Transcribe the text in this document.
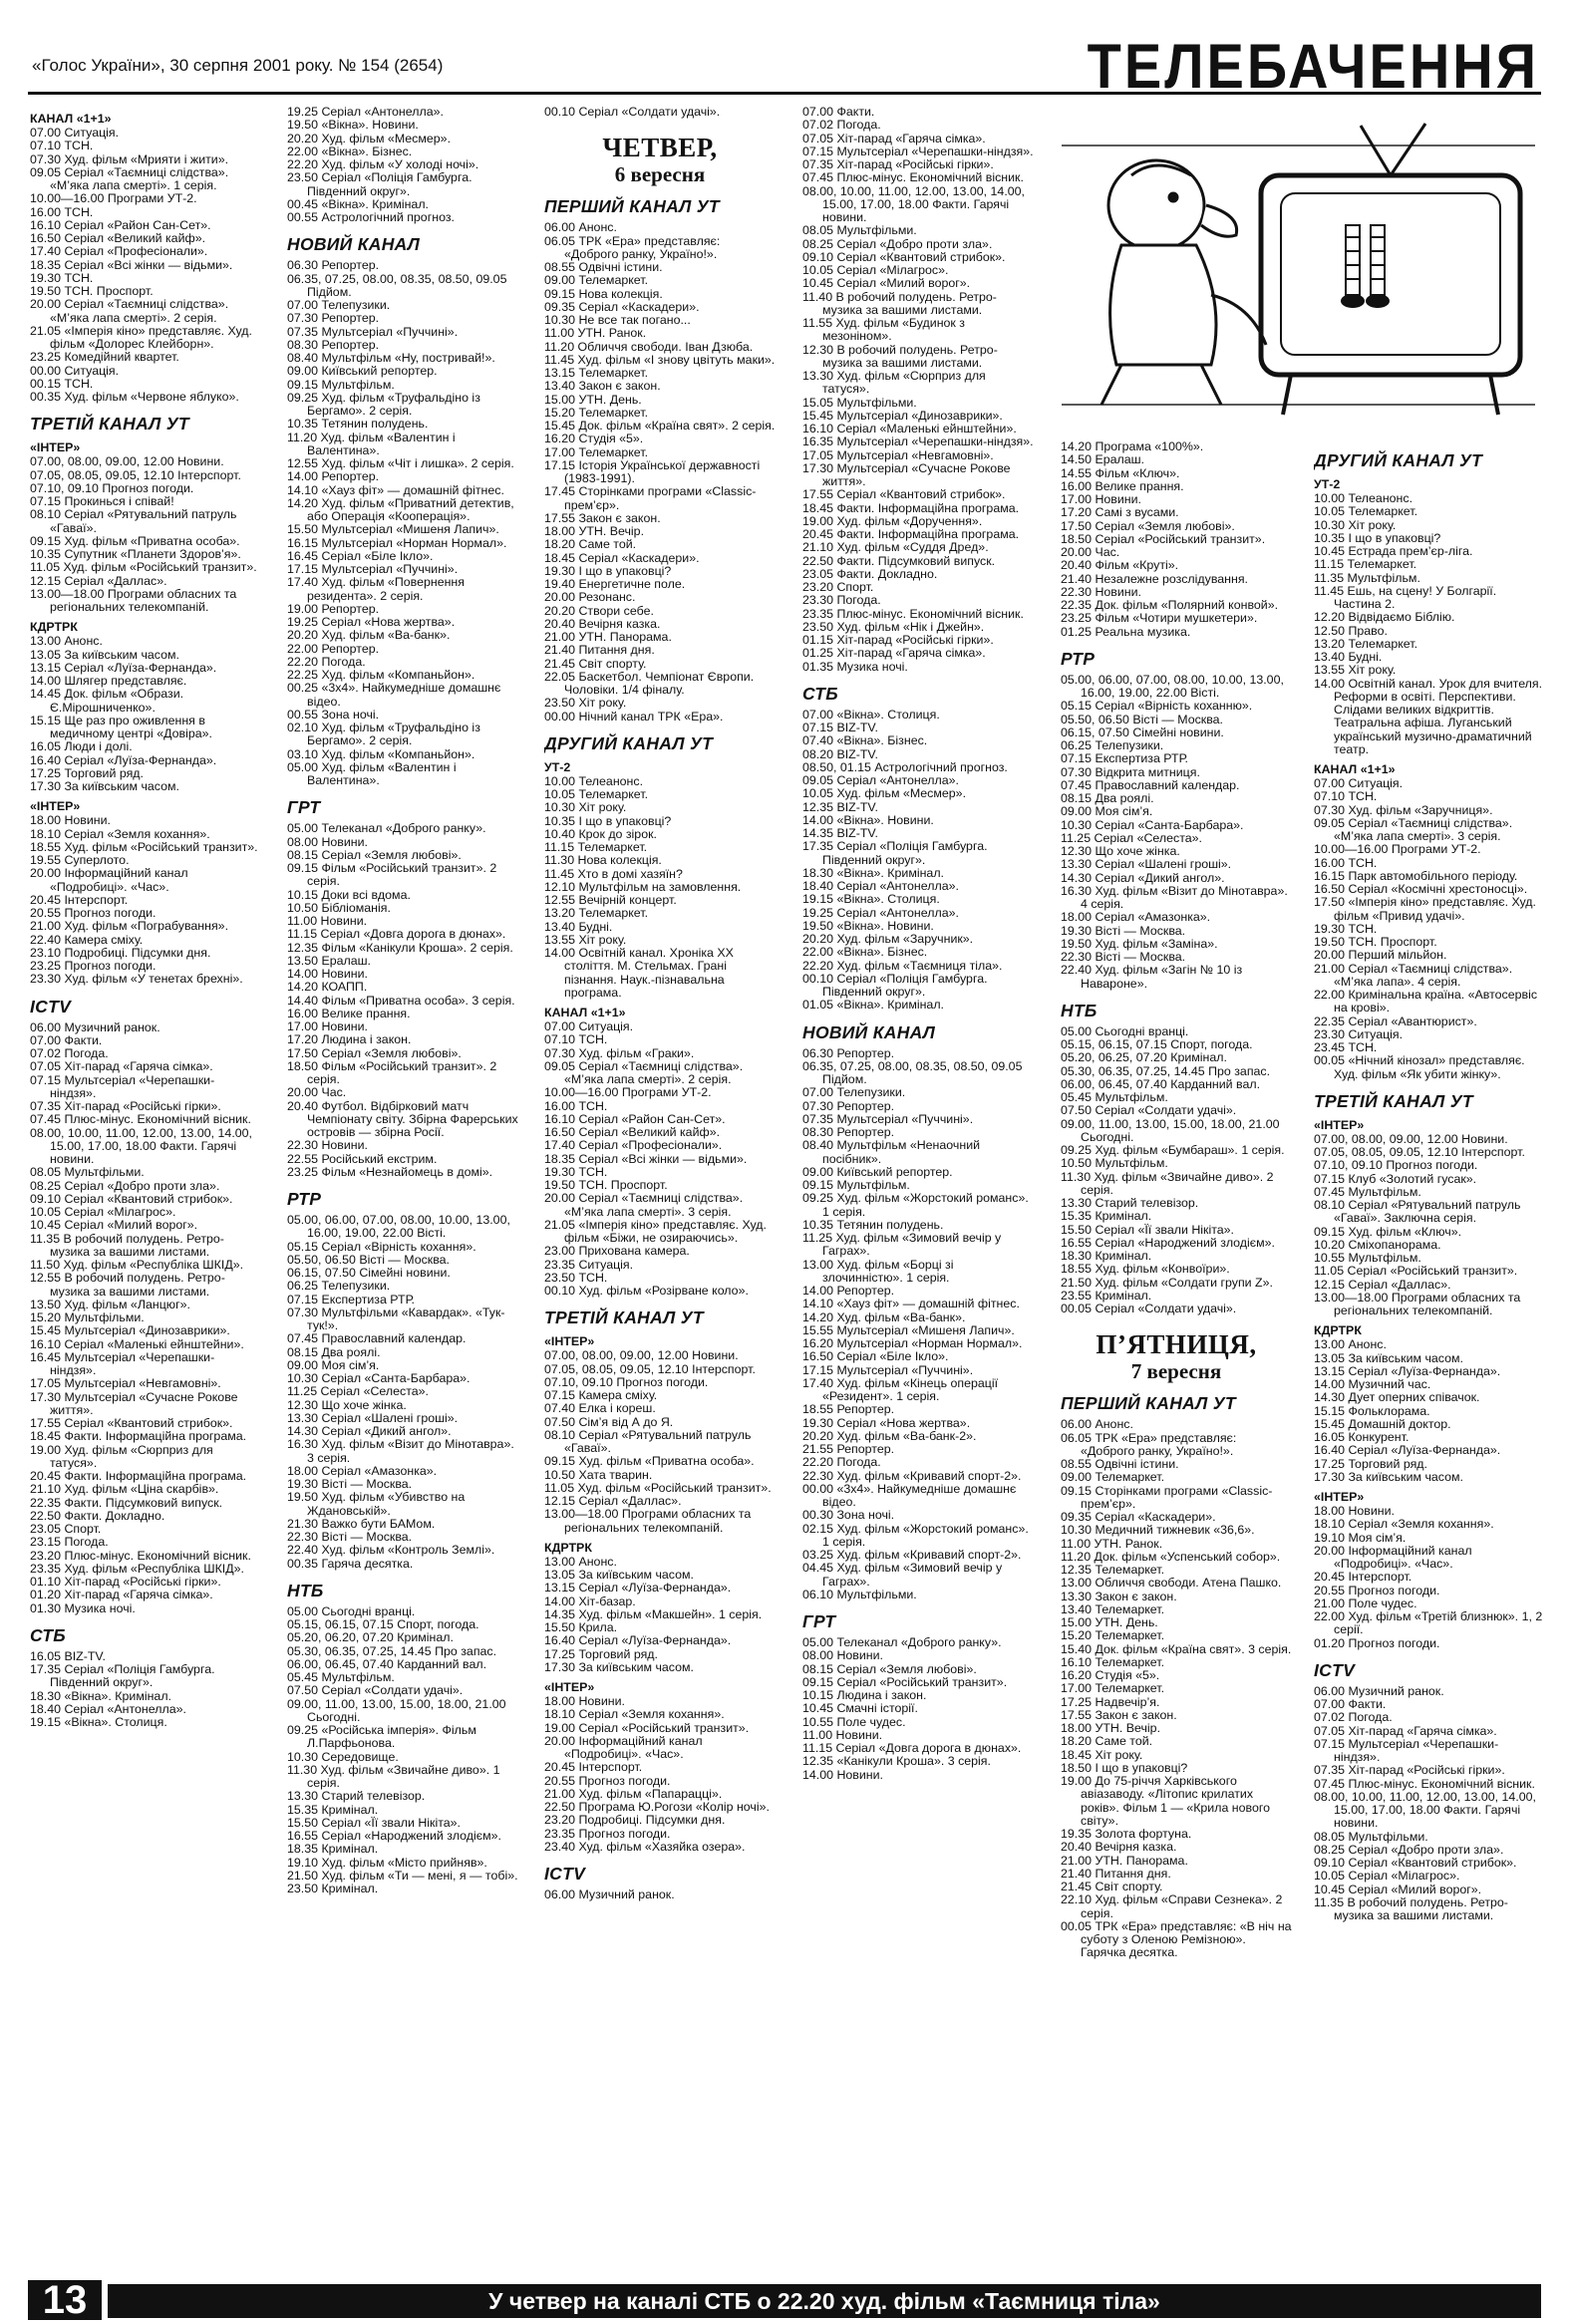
«Голос України», 30 серпня 2001 року. № 154 (2654)	ТЕЛЕБАЧЕННЯ
КАНАЛ «1+1»
07.00 Ситуація.
07.10 ТСН.
07.30 Худ. фільм «Мрияти і жити».
09.05 Серіал «Таємниці слідства». «М’яка лапа смерті». 1 серія.
10.00—16.00 Програми УТ-2.
16.00 ТСН.
16.10 Серіал «Район Сан-Сет».
16.50 Серіал «Великий кайф».
17.40 Серіал «Професіонали».
18.35 Серіал «Всі жінки — відьми».
19.30 ТСН.
19.50 ТСН. Проспорт.
20.00 Серіал «Таємниці слідства». «М’яка лапа смерті». 2 серія.
21.05 «Імперія кіно» представляє. Худ. фільм «Долорес Клейборн».
23.25 Комедійний квартет.
00.00 Ситуація.
00.15 ТСН.
00.35 Худ. фільм «Червоне яблуко».
ТРЕТІЙ КАНАЛ УТ
«ІНТЕР»
07.00, 08.00, 09.00, 12.00 Новини.
07.05, 08.05, 09.05, 12.10 Інтерспорт.
07.10, 09.10 Прогноз погоди.
07.15 Прокинься і співай!
08.10 Серіал «Рятувальний патруль «Гаваї».
09.15 Худ. фільм «Приватна особа».
10.35 Супутник «Планети Здоров’я».
11.05 Худ. фільм «Російський транзит».
12.15 Серіал «Даллас».
13.00—18.00 Програми обласних та регіональних телекомпаній.
КДРТРК
13.00 Анонс.
13.05 За київським часом.
13.15 Серіал «Луїза-Фернанда».
14.00 Шлягер представляє.
14.45 Док. фільм «Образи. Є.Мірошниченко».
15.15 Ще раз про оживлення в медичному центрі «Довіра».
16.05 Люди і долі.
16.40 Серіал «Луїза-Фернанда».
17.25 Торговий ряд.
17.30 За київським часом.
«ІНТЕР»
18.00 Новини.
18.10 Серіал «Земля кохання».
18.55 Худ. фільм «Російський транзит».
19.55 Суперлото.
20.00 Інформаційний канал «Подробиці». «Час».
20.45 Інтерспорт.
20.55 Прогноз погоди.
21.00 Худ. фільм «Пограбування».
22.40 Камера сміху.
23.10 Подробиці. Підсумки дня.
23.25 Прогноз погоди.
23.30 Худ. фільм «У тенетах брехні».
ICTV
06.00 Музичний ранок.
07.00 Факти.
07.02 Погода.
07.05 Хіт-парад «Гаряча сімка».
07.15 Мультсеріал «Черепашки-ніндзя».
07.35 Хіт-парад «Російські гірки».
07.45 Плюс-мінус. Економічний вісник.
08.00, 10.00, 11.00, 12.00, 13.00, 14.00, 15.00, 17.00, 18.00 Факти. Гарячі новини.
08.05 Мультфільми.
08.25 Серіал «Добро проти зла».
09.10 Серіал «Квантовий стрибок».
10.05 Серіал «Мілагрос».
10.45 Серіал «Милий ворог».
11.35 В робочий полудень. Ретро-музика за вашими листами.
11.50 Худ. фільм «Республіка ШКІД».
12.55 В робочий полудень. Ретро-музика за вашими листами.
13.50 Худ. фільм «Ланцюг».
15.20 Мультфільми.
15.45 Мультсеріал «Динозаврики».
16.10 Серіал «Маленькі ейнштейни».
16.45 Мультсеріал «Черепашки-ніндзя».
17.05 Мультсеріал «Невгамовні».
17.30 Мультсеріал «Сучасне Рокове життя».
17.55 Серіал «Квантовий стрибок».
18.45 Факти. Інформаційна програма.
19.00 Худ. фільм «Сюрприз для татуся».
20.45 Факти. Інформаційна програма.
21.10 Худ. фільм «Ціна скарбів».
22.35 Факти. Підсумковий випуск.
22.50 Факти. Докладно.
23.05 Спорт.
23.15 Погода.
23.20 Плюс-мінус. Економічний вісник.
23.35 Худ. фільм «Республіка ШКІД».
01.10 Хіт-парад «Російські гірки».
01.20 Хіт-парад «Гаряча сімка».
01.30 Музика ночі.
СТБ
16.05 BIZ-TV.
17.35 Серіал «Поліція Гамбурга. Південний округ».
18.30 «Вікна». Кримінал.
18.40 Серіал «Антонелла».
19.15 «Вікна». Столиця.
19.25 Серіал «Антонелла».
19.50 «Вікна». Новини.
20.20 Худ. фільм «Месмер».
22.00 «Вікна». Бізнес.
22.20 Худ. фільм «У холоді ночі».
23.50 Серіал «Поліція Гамбурга. Південний округ».
00.45 «Вікна». Кримінал.
00.55 Астрологічний прогноз.
НОВИЙ КАНАЛ
06.30 Репортер.
06.35, 07.25, 08.00, 08.35, 08.50, 09.05 Підйом.
07.00 Телепузики.
07.30 Репортер.
07.35 Мультсеріал «Пуччині».
08.30 Репортер.
08.40 Мультфільм «Ну, постривай!».
09.00 Київський репортер.
09.15 Мультфільм.
09.25 Худ. фільм «Труфальдіно із Бергамо». 2 серія.
10.35 Тетянин полудень.
11.20 Худ. фільм «Валентин і Валентина».
12.55 Худ. фільм «Чіт і лишка». 2 серія.
14.00 Репортер.
14.10 «Хауз фіт» — домашній фітнес.
14.20 Худ. фільм «Приватний детектив, або Операція «Кооперація».
15.50 Мультсеріал «Мишеня Лапич».
16.15 Мультсеріал «Норман Нормал».
16.45 Серіал «Біле Ікло».
17.15 Мультсеріал «Пуччині».
17.40 Худ. фільм «Повернення резидента». 2 серія.
19.00 Репортер.
19.25 Серіал «Нова жертва».
20.20 Худ. фільм «Ва-банк».
22.00 Репортер.
22.20 Погода.
22.25 Худ. фільм «Компаньйон».
00.25 «3х4». Найкумедніше домашнє відео.
00.55 Зона ночі.
02.10 Худ. фільм «Труфальдіно із Бергамо». 2 серія.
03.10 Худ. фільм «Компаньйон».
05.00 Худ. фільм «Валентин і Валентина».
ГРТ
05.00 Телеканал «Доброго ранку».
08.00 Новини.
08.15 Серіал «Земля любові».
09.15 Фільм «Російський транзит». 2 серія.
10.15 Доки всі вдома.
10.50 Бібліоманія.
11.00 Новини.
11.15 Серіал «Довга дорога в дюнах».
12.35 Фільм «Канікули Кроша». 2 серія.
13.50 Ералаш.
14.00 Новини.
14.20 КОАПП.
14.40 Фільм «Приватна особа». 3 серія.
16.00 Велике прання.
17.00 Новини.
17.20 Людина і закон.
17.50 Серіал «Земля любові».
18.50 Фільм «Російський транзит». 2 серія.
20.00 Час.
20.40 Футбол. Відбірковий матч Чемпіонату світу. Збірна Фарерських островів — збірна Росії.
22.30 Новини.
22.55 Російський екстрим.
23.25 Фільм «Незнайомець в домі».
РТР
05.00, 06.00, 07.00, 08.00, 10.00, 13.00, 16.00, 19.00, 22.00 Вісті.
05.15 Серіал «Вірність кохання».
05.50, 06.50 Вісті — Москва.
06.15, 07.50 Сімейні новини.
06.25 Телепузики.
07.15 Експертиза РТР.
07.30 Мультфільми «Кавардак». «Тук-тук!».
07.45 Православний календар.
08.15 Два роялі.
09.00 Моя сім’я.
10.30 Серіал «Санта-Барбара».
11.25 Серіал «Селеста».
12.30 Що хоче жінка.
13.30 Серіал «Шалені гроші».
14.30 Серіал «Дикий ангол».
16.30 Худ. фільм «Візит до Мінотавра». 3 серія.
18.00 Серіал «Амазонка».
19.30 Вісті — Москва.
19.50 Худ. фільм «Убивство на Ждановській».
21.30 Важко бути БАМом.
22.30 Вісті — Москва.
22.40 Худ. фільм «Контроль Землі».
00.35 Гаряча десятка.
НТБ
05.00 Сьогодні вранці.
05.15, 06.15, 07.15 Спорт, погода.
05.20, 06.20, 07.20 Кримінал.
05.30, 06.35, 07.25, 14.45 Про запас.
06.00, 06.45, 07.40 Карданний вал.
05.45 Мультфільм.
07.50 Серіал «Солдати удачі».
09.00, 11.00, 13.00, 15.00, 18.00, 21.00 Сьогодні.
09.25 «Російська імперія». Фільм Л.Парфьонова.
10.30 Середовище.
11.30 Худ. фільм «Звичайне диво». 1 серія.
13.30 Старий телевізор.
15.35 Кримінал.
15.50 Серіал «Її звали Нікіта».
16.55 Серіал «Народжений злодієм».
18.35 Кримінал.
19.10 Худ. фільм «Місто прийняв».
21.50 Худ. фільм «Ти — мені, я — тобі».
23.50 Кримінал.
00.10 Серіал «Солдати удачі».
ЧЕТВЕР,
6 вересня
ПЕРШИЙ КАНАЛ УТ
06.00 Анонс.
06.05 ТРК «Ера» представляє: «Доброго ранку, Україно!».
08.55 Одвічні істини.
09.00 Телемаркет.
09.15 Нова колекція.
09.35 Серіал «Каскадери».
10.30 Не все так погано...
11.00 УТН. Ранок.
11.20 Обличчя свободи. Іван Дзюба.
11.45 Худ. фільм «І знову цвітуть маки».
13.15 Телемаркет.
13.40 Закон є закон.
15.00 УТН. День.
15.20 Телемаркет.
15.45 Док. фільм «Країна свят». 2 серія.
16.20 Студія «5».
17.00 Телемаркет.
17.15 Історія Української державності (1983-1991).
17.45 Сторінками програми «Classic-прем’єр».
17.55 Закон є закон.
18.00 УТН. Вечір.
18.20 Саме той.
18.45 Серіал «Каскадери».
19.30 І що в упаковці?
19.40 Енергетичне поле.
20.00 Резонанс.
20.20 Створи себе.
20.40 Вечірня казка.
21.00 УТН. Панорама.
21.40 Питання дня.
21.45 Світ спорту.
22.05 Баскетбол. Чемпіонат Європи. Чоловіки. 1/4 фіналу.
23.50 Хіт року.
00.00 Нічний канал ТРК «Ера».
ДРУГИЙ КАНАЛ УТ
УТ-2
10.00 Телеанонс.
10.05 Телемаркет.
10.30 Хіт року.
10.35 І що в упаковці?
10.40 Крок до зірок.
11.15 Телемаркет.
11.30 Нова колекція.
11.45 Хто в домі хазяїн?
12.10 Мультфільм на замовлення.
12.55 Вечірній концерт.
13.20 Телемаркет.
13.40 Будні.
13.55 Хіт року.
14.00 Освітній канал. Хроніка ХХ століття. М. Стельмах. Грані пізнання. Наук.-пізнавальна програма.
КАНАЛ «1+1»
07.00 Ситуація.
07.10 ТСН.
07.30 Худ. фільм «Граки».
09.05 Серіал «Таємниці слідства». «М’яка лапа смерті». 2 серія.
10.00—16.00 Програми УТ-2.
16.00 ТСН.
16.10 Серіал «Район Сан-Сет».
16.50 Серіал «Великий кайф».
17.40 Серіал «Професіонали».
18.35 Серіал «Всі жінки — відьми».
19.30 ТСН.
19.50 ТСН. Проспорт.
20.00 Серіал «Таємниці слідства». «М’яка лапа смерті». 3 серія.
21.05 «Імперія кіно» представляє. Худ. фільм «Біжи, не озираючись».
23.00 Прихована камера.
23.35 Ситуація.
23.50 ТСН.
00.10 Худ. фільм «Розірване коло».
ТРЕТІЙ КАНАЛ УТ
«ІНТЕР»
07.00, 08.00, 09.00, 12.00 Новини.
07.05, 08.05, 09.05, 12.10 Інтерспорт.
07.10, 09.10 Прогноз погоди.
07.15 Камера сміху.
07.40 Елка і кореш.
07.50 Сім’я від А до Я.
08.10 Серіал «Рятувальний патруль «Гаваї».
09.15 Худ. фільм «Приватна особа».
10.50 Хата тварин.
11.05 Худ. фільм «Російський транзит».
12.15 Серіал «Даллас».
13.00—18.00 Програми обласних та регіональних телекомпаній.
КДРТРК
13.00 Анонс.
13.05 За київським часом.
13.15 Серіал «Луїза-Фернанда».
14.00 Хіт-базар.
14.35 Худ. фільм «Макшейн». 1 серія.
15.50 Крила.
16.40 Серіал «Луїза-Фернанда».
17.25 Торговий ряд.
17.30 За київським часом.
«ІНТЕР»
18.00 Новини.
18.10 Серіал «Земля кохання».
19.00 Серіал «Російський транзит».
20.00 Інформаційний канал «Подробиці». «Час».
20.45 Інтерспорт.
20.55 Прогноз погоди.
21.00 Худ. фільм «Папарацці».
22.50 Програма Ю.Рогози «Колір ночі».
23.20 Подробиці. Підсумки дня.
23.35 Прогноз погоди.
23.40 Худ. фільм «Хазяйка озера».
ICTV
06.00 Музичний ранок.
07.00 Факти.
07.02 Погода.
07.05 Хіт-парад «Гаряча сімка».
07.15 Мультсеріал «Черепашки-ніндзя».
07.35 Хіт-парад «Російські гірки».
07.45 Плюс-мінус. Економічний вісник.
08.00, 10.00, 11.00, 12.00, 13.00, 14.00, 15.00, 17.00, 18.00 Факти. Гарячі новини.
08.05 Мультфільми.
08.25 Серіал «Добро проти зла».
09.10 Серіал «Квантовий стрибок».
10.05 Серіал «Мілагрос».
10.45 Серіал «Милий ворог».
11.40 В робочий полудень. Ретро-музика за вашими листами.
11.55 Худ. фільм «Будинок з мезоніном».
12.30 В робочий полудень. Ретро-музика за вашими листами.
13.30 Худ. фільм «Сюрприз для татуся».
15.05 Мультфільми.
15.45 Мультсеріал «Динозаврики».
16.10 Серіал «Маленькі ейнштейни».
16.35 Мультсеріал «Черепашки-ніндзя».
17.05 Мультсеріал «Невгамовні».
17.30 Мультсеріал «Сучасне Рокове життя».
17.55 Серіал «Квантовий стрибок».
18.45 Факти. Інформаційна програма.
19.00 Худ. фільм «Доручення».
20.45 Факти. Інформаційна програма.
21.10 Худ. фільм «Суддя Дред».
22.50 Факти. Підсумковий випуск.
23.05 Факти. Докладно.
23.20 Спорт.
23.30 Погода.
23.35 Плюс-мінус. Економічний вісник.
23.50 Худ. фільм «Нік і Джейн».
01.15 Хіт-парад «Російські гірки».
01.25 Хіт-парад «Гаряча сімка».
01.35 Музика ночі.
СТБ
07.00 «Вікна». Столиця.
07.15 BIZ-TV.
07.40 «Вікна». Бізнес.
08.20 BIZ-TV.
08.50, 01.15 Астрологічний прогноз.
09.05 Серіал «Антонелла».
10.05 Худ. фільм «Месмер».
12.35 BIZ-TV.
14.00 «Вікна». Новини.
14.35 BIZ-TV.
17.35 Серіал «Поліція Гамбурга. Південний округ».
18.30 «Вікна». Кримінал.
18.40 Серіал «Антонелла».
19.15 «Вікна». Столиця.
19.25 Серіал «Антонелла».
19.50 «Вікна». Новини.
20.20 Худ. фільм «Заручник».
22.00 «Вікна». Бізнес.
22.20 Худ. фільм «Таємниця тіла».
00.10 Серіал «Поліція Гамбурга. Південний округ».
01.05 «Вікна». Кримінал.
НОВИЙ КАНАЛ
06.30 Репортер.
06.35, 07.25, 08.00, 08.35, 08.50, 09.05 Підйом.
07.00 Телепузики.
07.30 Репортер.
07.35 Мультсеріал «Пуччині».
08.30 Репортер.
08.40 Мультфільм «Ненаочний посібник».
09.00 Київський репортер.
09.15 Мультфільм.
09.25 Худ. фільм «Жорстокий романс». 1 серія.
10.35 Тетянин полудень.
11.25 Худ. фільм «Зимовий вечір у Гаграх».
13.00 Худ. фільм «Борці зі злочинністю». 1 серія.
14.00 Репортер.
14.10 «Хауз фіт» — домашній фітнес.
14.20 Худ. фільм «Ва-банк».
15.55 Мультсеріал «Мишеня Лапич».
16.20 Мультсеріал «Норман Нормал».
16.50 Серіал «Біле Ікло».
17.15 Мультсеріал «Пуччині».
17.40 Худ. фільм «Кінець операції «Резидент». 1 серія.
18.55 Репортер.
19.30 Серіал «Нова жертва».
20.20 Худ. фільм «Ва-банк-2».
21.55 Репортер.
22.20 Погода.
22.30 Худ. фільм «Кривавий спорт-2».
00.00 «3х4». Найкумедніше домашнє відео.
00.30 Зона ночі.
02.15 Худ. фільм «Жорстокий романс». 1 серія.
03.25 Худ. фільм «Кривавий спорт-2».
04.45 Худ. фільм «Зимовий вечір у Гаграх».
06.10 Мультфільми.
ГРТ
05.00 Телеканал «Доброго ранку».
08.00 Новини.
08.15 Серіал «Земля любові».
09.15 Серіал «Російський транзит».
10.15 Людина і закон.
10.45 Смачні історії.
10.55 Поле чудес.
11.00 Новини.
11.15 Серіал «Довга дорога в дюнах».
12.35 «Канікули Кроша». 3 серія.
14.00 Новини.
14.20 Програма «100%».
14.50 Ералаш.
14.55 Фільм «Ключ».
16.00 Велике прання.
17.00 Новини.
17.20 Самі з вусами.
17.50 Серіал «Земля любові».
18.50 Серіал «Російський транзит».
20.00 Час.
20.40 Фільм «Круті».
21.40 Незалежне розслідування.
22.30 Новини.
22.35 Док. фільм «Полярний конвой».
23.25 Фільм «Чотири мушкетери».
01.25 Реальна музика.
РТР
05.00, 06.00, 07.00, 08.00, 10.00, 13.00, 16.00, 19.00, 22.00 Вісті.
05.15 Серіал «Вірність коханню».
05.50, 06.50 Вісті — Москва.
06.15, 07.50 Сімейні новини.
06.25 Телепузики.
07.15 Експертиза РТР.
07.30 Відкрита митниця.
07.45 Православний календар.
08.15 Два роялі.
09.00 Моя сім’я.
10.30 Серіал «Санта-Барбара».
11.25 Серіал «Селеста».
12.30 Що хоче жінка.
13.30 Серіал «Шалені гроші».
14.30 Серіал «Дикий ангол».
16.30 Худ. фільм «Візит до Мінотавра». 4 серія.
18.00 Серіал «Амазонка».
19.30 Вісті — Москва.
19.50 Худ. фільм «Заміна».
22.30 Вісті — Москва.
22.40 Худ. фільм «Загін № 10 із Навароне».
НТБ
05.00 Сьогодні вранці.
05.15, 06.15, 07.15 Спорт, погода.
05.20, 06.25, 07.20 Кримінал.
05.30, 06.35, 07.25, 14.45 Про запас.
06.00, 06.45, 07.40 Карданний вал.
05.45 Мультфільм.
07.50 Серіал «Солдати удачі».
09.00, 11.00, 13.00, 15.00, 18.00, 21.00 Сьогодні.
09.25 Худ. фільм «Бумбараш». 1 серія.
10.50 Мультфільм.
11.30 Худ. фільм «Звичайне диво». 2 серія.
13.30 Старий телевізор.
15.35 Кримінал.
15.50 Серіал «Її звали Нікіта».
16.55 Серіал «Народжений злодієм».
18.30 Кримінал.
18.55 Худ. фільм «Конвоїри».
21.50 Худ. фільм «Солдати групи Z».
23.55 Кримінал.
00.05 Серіал «Солдати удачі».
П’ЯТНИЦЯ,
7 вересня
ПЕРШИЙ КАНАЛ УТ
06.00 Анонс.
06.05 ТРК «Ера» представляє: «Доброго ранку, Україно!».
08.55 Одвічні істини.
09.00 Телемаркет.
09.15 Сторінками програми «Classic-прем’єр».
09.35 Серіал «Каскадери».
10.30 Медичний тижневик «36,6».
11.00 УТН. Ранок.
11.20 Док. фільм «Успенський собор».
12.35 Телемаркет.
13.00 Обличчя свободи. Атена Пашко.
13.30 Закон є закон.
13.40 Телемаркет.
15.00 УТН. День.
15.20 Телемаркет.
15.40 Док. фільм «Країна свят». 3 серія.
16.10 Телемаркет.
16.20 Студія «5».
17.00 Телемаркет.
17.25 Надвечір’я.
17.55 Закон є закон.
18.00 УТН. Вечір.
18.20 Саме той.
18.45 Хіт року.
18.50 І що в упаковці?
19.00 До 75-річчя Харківського авіазаводу. «Літопис крилатих років». Фільм 1 — «Крила нового світу».
19.35 Золота фортуна.
20.40 Вечірня казка.
21.00 УТН. Панорама.
21.40 Питання дня.
21.45 Світ спорту.
22.10 Худ. фільм «Справи Сезнека». 2 серія.
00.05 ТРК «Ера» представляє: «В ніч на суботу з Оленою Ремізною». Гарячка десятка.
ДРУГИЙ КАНАЛ УТ
УТ-2
10.00 Телеанонс.
10.05 Телемаркет.
10.30 Хіт року.
10.35 І що в упаковці?
10.45 Естрада прем’єр-ліга.
11.15 Телемаркет.
11.35 Мультфільм.
11.45 Ешь, на сцену! У Болгарії. Частина 2.
12.20 Відвідаємо Біблію.
12.50 Право.
13.20 Телемаркет.
13.40 Будні.
13.55 Хіт року.
14.00 Освітній канал. Урок для вчителя. Реформи в освіті. Перспективи. Слідами великих відкриттів. Театральна афіша. Луганський український музично-драматичний театр.
КАНАЛ «1+1»
07.00 Ситуація.
07.10 ТСН.
07.30 Худ. фільм «Заручниця».
09.05 Серіал «Таємниці слідства». «М’яка лапа смерті». 3 серія.
10.00—16.00 Програми УТ-2.
16.00 ТСН.
16.15 Парк автомобільного періоду.
16.50 Серіал «Космічні хрестоносці».
17.50 «Імперія кіно» представляє. Худ. фільм «Привид удачі».
19.30 ТСН.
19.50 ТСН. Проспорт.
20.00 Перший мільйон.
21.00 Серіал «Таємниці слідства». «М’яка лапа». 4 серія.
22.00 Кримінальна країна. «Автосервіс на крові».
22.35 Серіал «Авантюрист».
23.30 Ситуація.
23.45 ТСН.
00.05 «Нічний кінозал» представляє. Худ. фільм «Як убити жінку».
ТРЕТІЙ КАНАЛ УТ
«ІНТЕР»
07.00, 08.00, 09.00, 12.00 Новини.
07.05, 08.05, 09.05, 12.10 Інтерспорт.
07.10, 09.10 Прогноз погоди.
07.15 Клуб «Золотий гусак».
07.45 Мультфільм.
08.10 Серіал «Рятувальний патруль «Гаваї». Заключна серія.
09.15 Худ. фільм «Ключ».
10.20 Сміхопанорама.
10.55 Мультфільм.
11.05 Серіал «Російський транзит».
12.15 Серіал «Даллас».
13.00—18.00 Програми обласних та регіональних телекомпаній.
КДРТРК
13.00 Анонс.
13.05 За київським часом.
13.15 Серіал «Луїза-Фернанда».
14.00 Музичний час.
14.30 Дует оперних співачок.
15.15 Фольклорама.
15.45 Домашній доктор.
16.05 Конкурент.
16.40 Серіал «Луїза-Фернанда».
17.25 Торговий ряд.
17.30 За київським часом.
«ІНТЕР»
18.00 Новини.
18.10 Серіал «Земля кохання».
19.10 Моя сім’я.
20.00 Інформаційний канал «Подробиці». «Час».
20.45 Інтерспорт.
20.55 Прогноз погоди.
21.00 Поле чудес.
22.00 Худ. фільм «Третій близнюк». 1, 2 серії.
01.20 Прогноз погоди.
ICTV
06.00 Музичний ранок.
07.00 Факти.
07.02 Погода.
07.05 Хіт-парад «Гаряча сімка».
07.15 Мультсеріал «Черепашки-ніндзя».
07.35 Хіт-парад «Російські гірки».
07.45 Плюс-мінус. Економічний вісник.
08.00, 10.00, 11.00, 12.00, 13.00, 14.00, 15.00, 17.00, 18.00 Факти. Гарячі новини.
08.05 Мультфільми.
08.25 Серіал «Добро проти зла».
09.10 Серіал «Квантовий стрибок».
10.05 Серіал «Мілагрос».
10.45 Серіал «Милий ворог».
11.35 В робочий полудень. Ретро-музика за вашими листами.
13	У четвер на каналі СТБ о 22.20 худ. фільм «Таємниця тіла»
